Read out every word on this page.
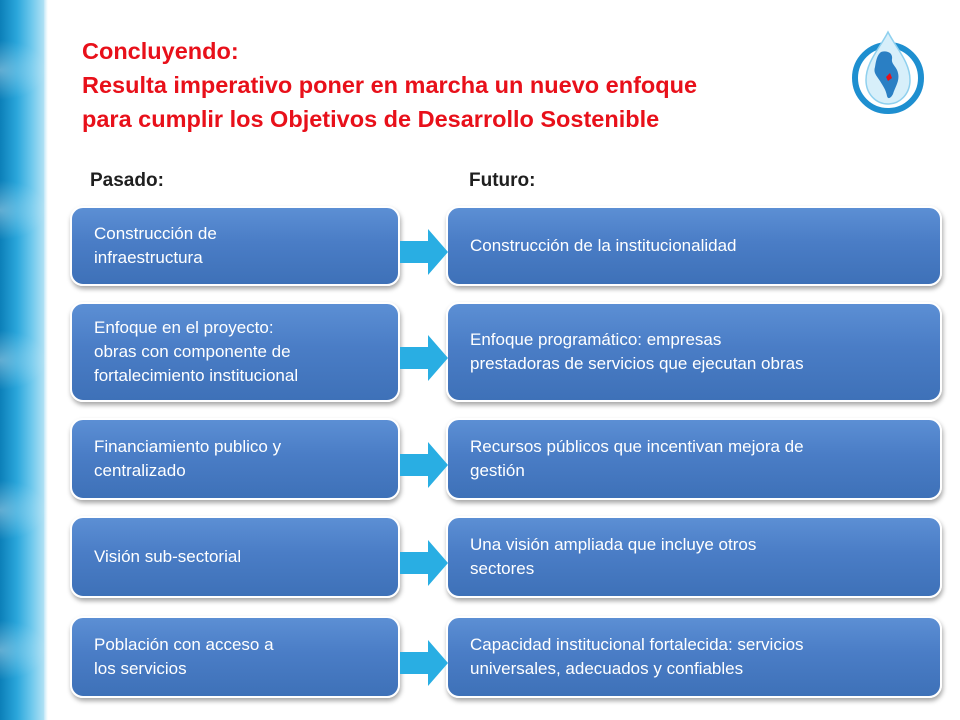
Concluyendo:
Resulta imperativo poner en marcha un nuevo enfoque
para cumplir los Objetivos de Desarrollo Sostenible
Pasado:	Futuro:
Construcción de
infraestructura
Construcción de la institucionalidad
Enfoque en el proyecto:
obras con componente de
fortalecimiento institucional
Enfoque programático: empresas
prestadoras de servicios que ejecutan obras
Financiamiento publico y
centralizado
Recursos públicos que incentivan mejora de
gestión
Visión sub-sectorial
Una visión ampliada que incluye otros
sectores
Población con acceso a
los servicios
Capacidad institucional fortalecida: servicios
universales, adecuados y confiables
